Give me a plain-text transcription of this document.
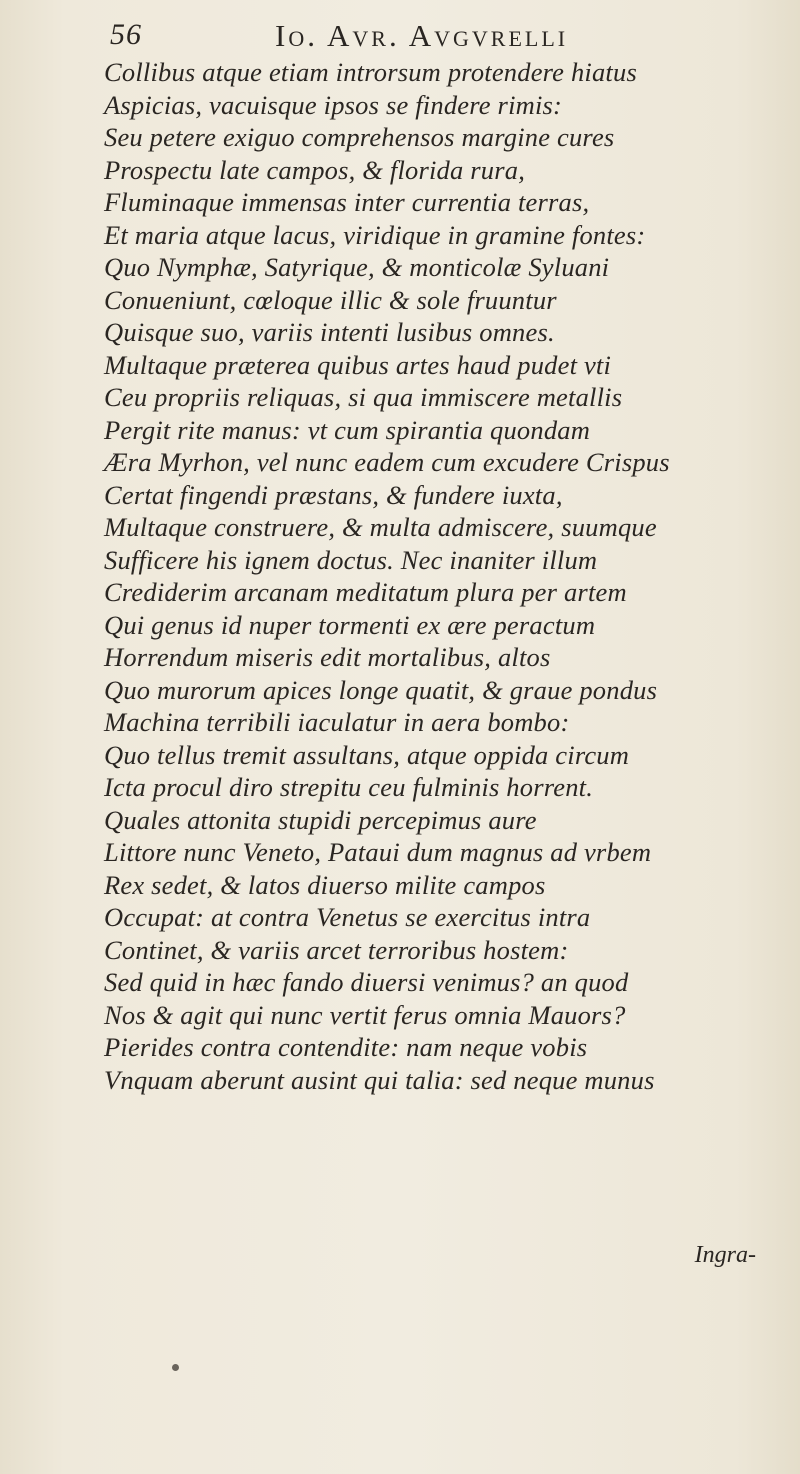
56	Io. Avr. Avgvrelli
Collibus atque etiam introrsum protendere hiatus
Aspicias, vacuisque ipsos se findere rimis:
Seu petere exiguo comprehensos margine cures
Prospectu late campos, & florida rura,
Fluminaque immensas inter currentia terras,
Et maria atque lacus, viridique in gramine fontes:
Quo Nymphæ, Satyrique, & monticolæ Syluani
Conueniunt, cœloque illic & sole fruuntur
Quisque suo, variis intenti lusibus omnes.
Multaque præterea quibus artes haud pudet vti
Ceu propriis reliquas, si qua immiscere metallis
Pergit rite manus: vt cum spirantia quondam
Æra Myrhon, vel nunc eadem cum excudere Crispus
Certat fingendi præstans, & fundere iuxta,
Multaque construere, & multa admiscere, suumque
Sufficere his ignem doctus. Nec inaniter illum
Crediderim arcanam meditatum plura per artem
Qui genus id nuper tormenti ex ære peractum
Horrendum miseris edit mortalibus, altos
Quo murorum apices longe quatit, & graue pondus
Machina terribili iaculatur in aera bombo:
Quo tellus tremit assultans, atque oppida circum
Icta procul diro strepitu ceu fulminis horrent.
Quales attonita stupidi percepimus aure
Littore nunc Veneto, Pataui dum magnus ad vrbem
Rex sedet, & latos diuerso milite campos
Occupat: at contra Venetus se exercitus intra
Continet, & variis arcet terroribus hostem:
Sed quid in hæc fando diuersi venimus? an quod
Nos & agit qui nunc vertit ferus omnia Mauors?
Pierides contra contendite: nam neque vobis
Vnquam aberunt ausint qui talia: sed neque munus
Ingra-
